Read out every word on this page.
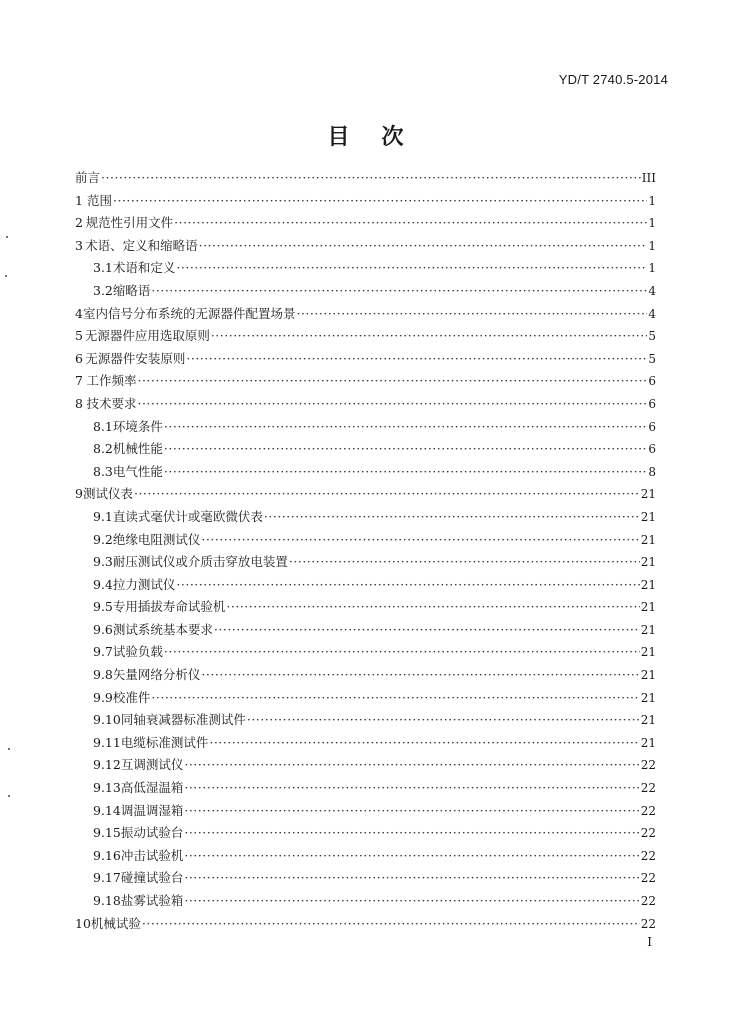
YD/T 2740.5-2014
目次
前 言 ·····	III
1 范围 ·····	1
2 规范性引用文件 ·····	1
3 术语、定义和缩略语 ·····	1
3.1 术语和定义 ·····	1
3.2 缩略语 ·····	4
4 室内信号分布系统的无源器件配置场景 ·····	4
5 无源器件应用选取原则 ·····	5
6 无源器件安装原则 ·····	5
7 工作频率 ·····	6
8 技术要求 ·····	6
8.1 环境条件 ·····	6
8.2 机械性能 ·····	6
8.3 电气性能 ·····	8
9 测试仪表 ·····	21
9.1 直读式毫伏计或毫欧微伏表 ·····	21
9.2 绝缘电阻测试仪 ·····	21
9.3 耐压测试仪或介质击穿放电装置 ·····	21
9.4 拉力测试仪 ·····	21
9.5 专用插拔寿命试验机 ·····	21
9.6 测试系统基本要求 ·····	21
9.7 试验负载 ·····	21
9.8 矢量网络分析仪 ·····	21
9.9 校准件 ·····	21
9.10 同轴衰减器标准测试件 ·····	21
9.11 电缆标准测试件 ·····	21
9.12 互调测试仪 ·····	22
9.13 高低湿温箱 ·····	22
9.14 调温调湿箱 ·····	22
9.15 振动试验台 ·····	22
9.16 冲击试验机 ·····	22
9.17 碰撞试验台 ·····	22
9.18 盐雾试验箱 ·····	22
10 机械试验 ·····	22
I
